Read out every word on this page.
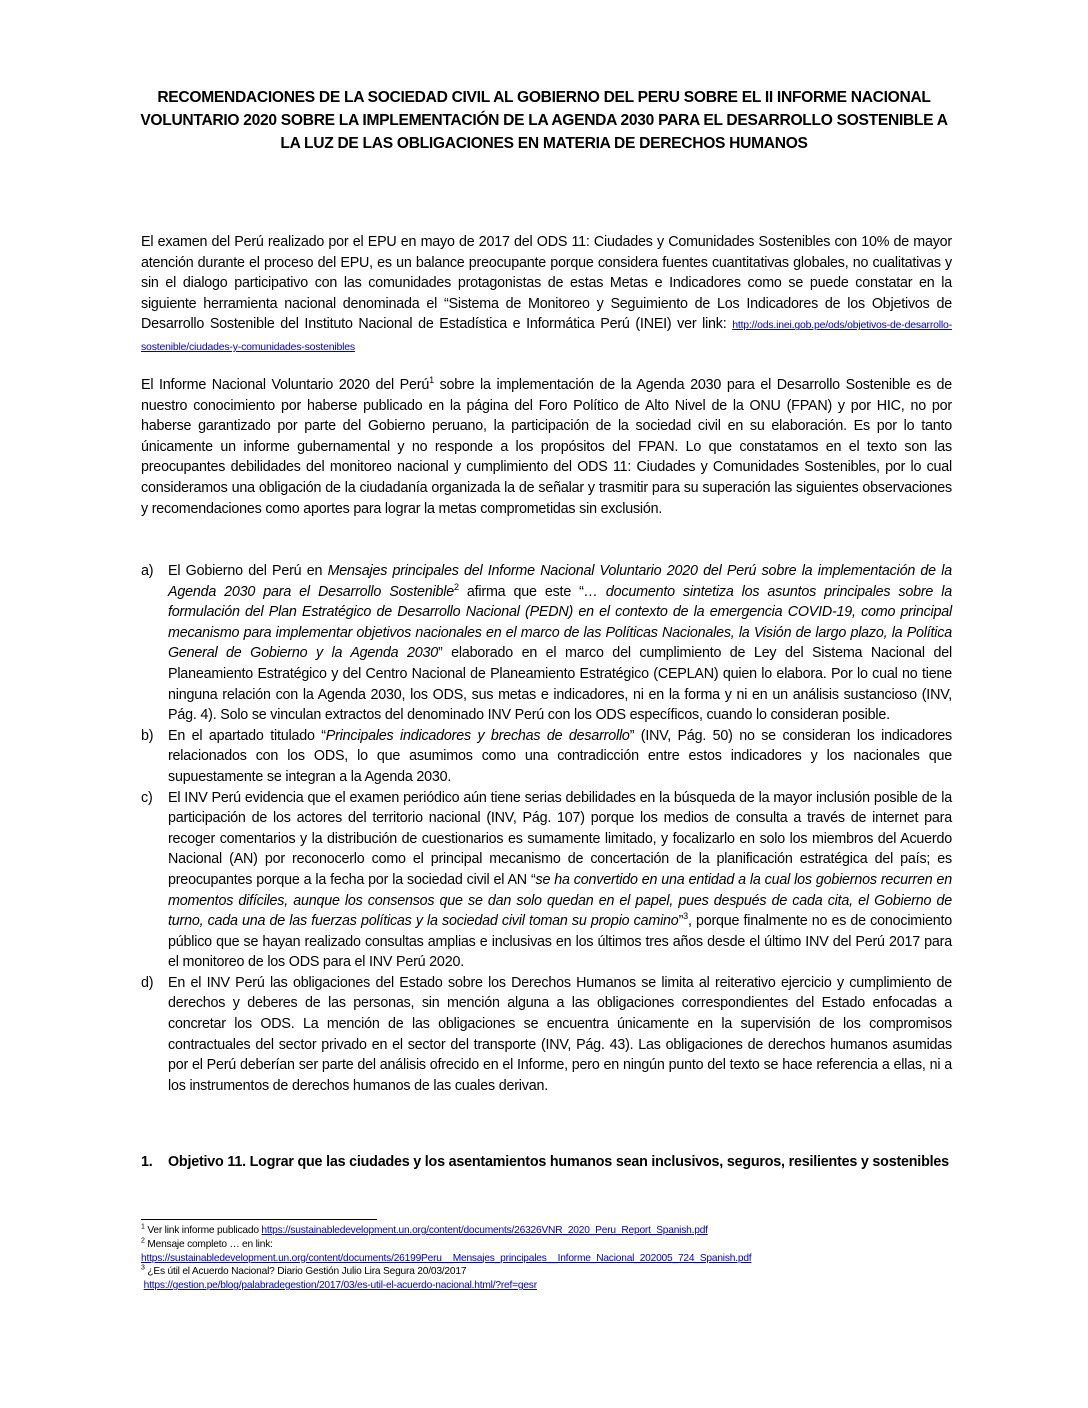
RECOMENDACIONES DE LA SOCIEDAD CIVIL AL GOBIERNO DEL PERU SOBRE EL II INFORME NACIONAL VOLUNTARIO 2020 SOBRE LA IMPLEMENTACIÓN DE LA AGENDA 2030 PARA EL DESARROLLO SOSTENIBLE A LA LUZ DE LAS OBLIGACIONES EN MATERIA DE DERECHOS HUMANOS
El examen del Perú realizado por el EPU en mayo de 2017 del ODS 11: Ciudades y Comunidades Sostenibles con 10% de mayor atención durante el proceso del EPU, es un balance preocupante porque considera fuentes cuantitativas globales, no cualitativas y sin el dialogo participativo con las comunidades protagonistas de estas Metas e Indicadores como se puede constatar en la siguiente herramienta nacional denominada el “Sistema de Monitoreo y Seguimiento de Los Indicadores de los Objetivos de Desarrollo Sostenible del Instituto Nacional de Estadística e Informática Perú (INEI) ver link: http://ods.inei.gob.pe/ods/objetivos-de-desarrollo-sostenible/ciudades-y-comunidades-sostenibles
El Informe Nacional Voluntario 2020 del Perú$^1$ sobre la implementación de la Agenda 2030 para el Desarrollo Sostenible es de nuestro conocimiento por haberse publicado en la página del Foro Político de Alto Nivel de la ONU (FPAN) y por HIC, no por haberse garantizado por parte del Gobierno peruano, la participación de la sociedad civil en su elaboración. Es por lo tanto únicamente un informe gubernamental y no responde a los propósitos del FPAN. Lo que constatamos en el texto son las preocupantes debilidades del monitoreo nacional y cumplimiento del ODS 11: Ciudades y Comunidades Sostenibles, por lo cual consideramos una obligación de la ciudadanía organizada la de señalar y trasmitir para su superación las siguientes observaciones y recomendaciones como aportes para lograr la metas comprometidas sin exclusión.
a) El Gobierno del Perú en Mensajes principales del Informe Nacional Voluntario 2020 del Perú sobre la implementación de la Agenda 2030 para el Desarrollo Sostenible$^2$ afirma que este “… documento sintetiza los asuntos principales sobre la formulación del Plan Estratégico de Desarrollo Nacional (PEDN) en el contexto de la emergencia COVID-19, como principal mecanismo para implementar objetivos nacionales en el marco de las Políticas Nacionales, la Visión de largo plazo, la Política General de Gobierno y la Agenda 2030” elaborado en el marco del cumplimiento de Ley del Sistema Nacional del Planeamiento Estratégico y del Centro Nacional de Planeamiento Estratégico (CEPLAN) quien lo elabora. Por lo cual no tiene ninguna relación con la Agenda 2030, los ODS, sus metas e indicadores, ni en la forma y ni en un análisis sustancioso (INV, Pág. 4). Solo se vinculan extractos del denominado INV Perú con los ODS específicos, cuando lo consideran posible.
b) En el apartado titulado “Principales indicadores y brechas de desarrollo” (INV, Pág. 50) no se consideran los indicadores relacionados con los ODS, lo que asumimos como una contradicción entre estos indicadores y los nacionales que supuestamente se integran a la Agenda 2030.
c) El INV Perú evidencia que el examen periódico aún tiene serias debilidades en la búsqueda de la mayor inclusión posible de la participación de los actores del territorio nacional (INV, Pág. 107) porque los medios de consulta a través de internet para recoger comentarios y la distribución de cuestionarios es sumamente limitado, y focalizarlo en solo los miembros del Acuerdo Nacional (AN) por reconocerlo como el principal mecanismo de concertación de la planificación estratégica del país; es preocupantes porque a la fecha por la sociedad civil el AN “se ha convertido en una entidad a la cual los gobiernos recurren en momentos difíciles, aunque los consensos que se dan solo quedan en el papel, pues después de cada cita, el Gobierno de turno, cada una de las fuerzas políticas y la sociedad civil toman su propio camino”$^3$, porque finalmente no es de conocimiento público que se hayan realizado consultas amplias e inclusivas en los últimos tres años desde el último INV del Perú 2017 para el monitoreo de los ODS para el INV Perú 2020.
d) En el INV Perú las obligaciones del Estado sobre los Derechos Humanos se limita al reiterativo ejercicio y cumplimiento de derechos y deberes de las personas, sin mención alguna a las obligaciones correspondientes del Estado enfocadas a concretar los ODS. La mención de las obligaciones se encuentra únicamente en la supervisión de los compromisos contractuales del sector privado en el sector del transporte (INV, Pág. 43). Las obligaciones de derechos humanos asumidas por el Perú deberían ser parte del análisis ofrecido en el Informe, pero en ningún punto del texto se hace referencia a ellas, ni a los instrumentos de derechos humanos de las cuales derivan.
1.	Objetivo 11. Lograr que las ciudades y los asentamientos humanos sean inclusivos, seguros, resilientes y sostenibles
$^1$ Ver link informe publicado https://sustainabledevelopment.un.org/content/documents/26326VNR_2020_Peru_Report_Spanish.pdf
$^2$ Mensaje completo … en link:
https://sustainabledevelopment.un.org/content/documents/26199Peru__Mensajes_principales__Informe_Nacional_202005_724_Spanish.pdf
$^3$ ¿Es útil el Acuerdo Nacional? Diario Gestión Julio Lira Segura 20/03/2017
https://gestion.pe/blog/palabradegestion/2017/03/es-util-el-acuerdo-nacional.html/?ref=gesr
